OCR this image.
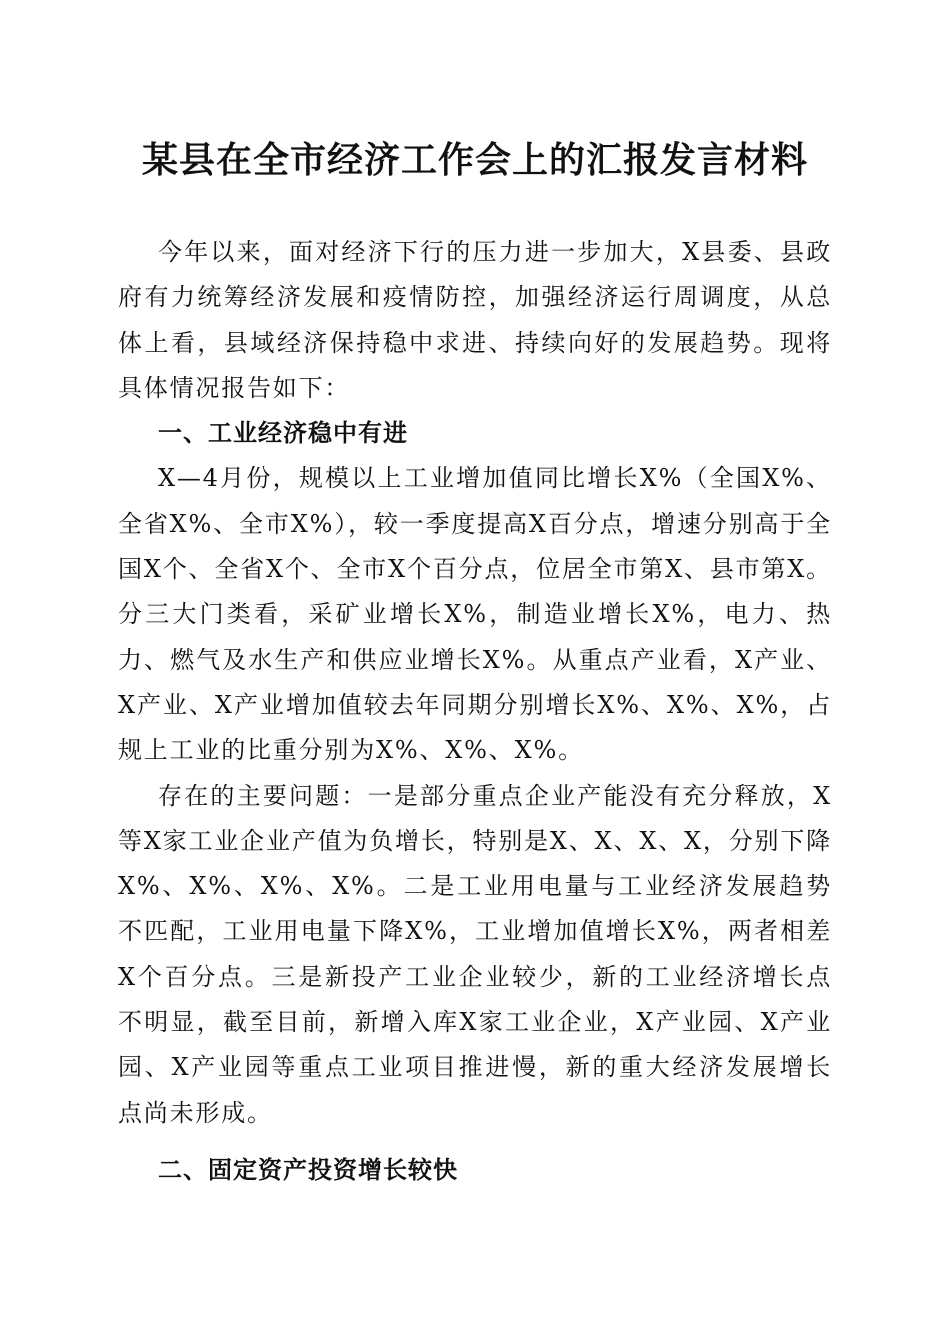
某县在全市经济工作会上的汇报发言材料

今年以来，面对经济下行的压力进一步加大，X县委、县政府有力统筹经济发展和疫情防控，加强经济运行周调度，从总体上看，县域经济保持稳中求进、持续向好的发展趋势。现将具体情况报告如下：

一、工业经济稳中有进

X—4月份，规模以上工业增加值同比增长X%（全国X%、全省X%、全市X%），较一季度提高X百分点，增速分别高于全国X个、全省X个、全市X个百分点，位居全市第X、县市第X。分三大门类看，采矿业增长X%，制造业增长X%，电力、热力、燃气及水生产和供应业增长X%。从重点产业看，X产业、X产业、X产业增加值较去年同期分别增长X%、X%、X%，占规上工业的比重分别为X%、X%、X%。

存在的主要问题：一是部分重点企业产能没有充分释放，X等X家工业企业产值为负增长，特别是X、X、X、X，分别下降X%、X%、X%、X%。二是工业用电量与工业经济发展趋势不匹配，工业用电量下降X%，工业增加值增长X%，两者相差X个百分点。三是新投产工业企业较少，新的工业经济增长点不明显，截至目前，新增入库X家工业企业，X产业园、X产业园、X产业园等重点工业项目推进慢，新的重大经济发展增长点尚未形成。

二、固定资产投资增长较快
